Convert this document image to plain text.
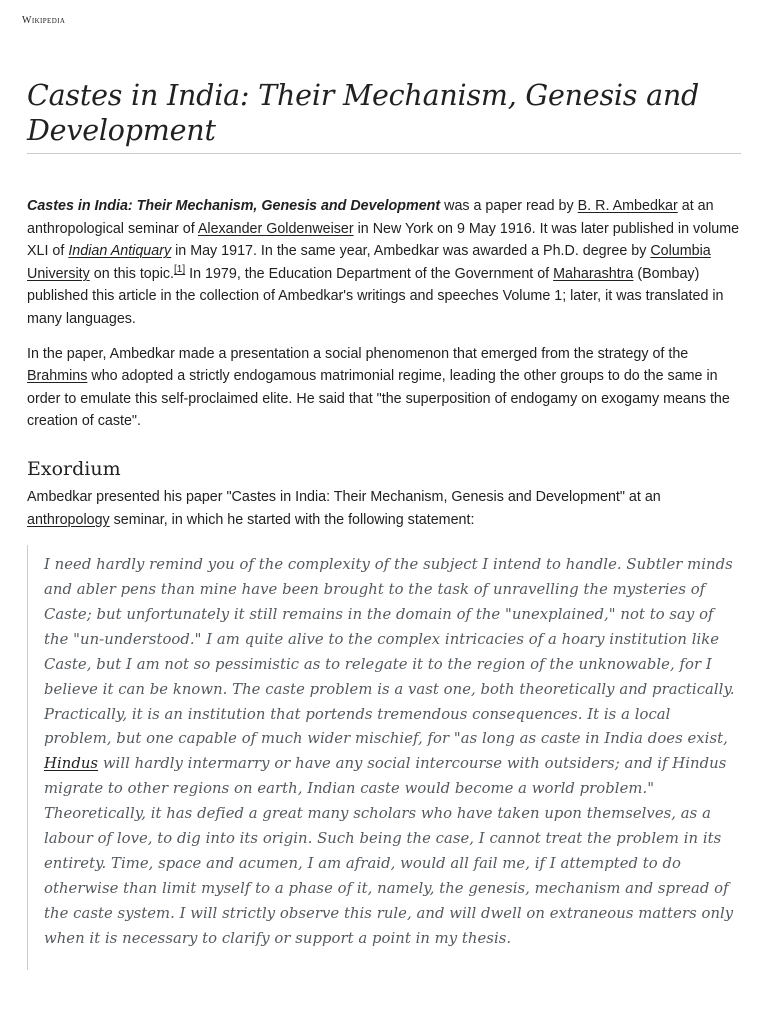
Wikipedia
Castes in India: Their Mechanism, Genesis and Development

Castes in India: Their Mechanism, Genesis and Development was a paper read by B. R. Ambedkar at an anthropological seminar of Alexander Goldenweiser in New York on 9 May 1916. It was later published in volume XLI of Indian Antiquary in May 1917. In the same year, Ambedkar was awarded a Ph.D. degree by Columbia University on this topic.[1] In 1979, the Education Department of the Government of Maharashtra (Bombay) published this article in the collection of Ambedkar's writings and speeches Volume 1; later, it was translated in many languages.

In the paper, Ambedkar made a presentation a social phenomenon that emerged from the strategy of the Brahmins who adopted a strictly endogamous matrimonial regime, leading the other groups to do the same in order to emulate this self-proclaimed elite. He said that "the superposition of endogamy on exogamy means the creation of caste".

Exordium

Ambedkar presented his paper "Castes in India: Their Mechanism, Genesis and Development" at an anthropology seminar, in which he started with the following statement:

I need hardly remind you of the complexity of the subject I intend to handle. Subtler minds and abler pens than mine have been brought to the task of unravelling the mysteries of Caste; but unfortunately it still remains in the domain of the "unexplained," not to say of the "un-understood." I am quite alive to the complex intricacies of a hoary institution like Caste, but I am not so pessimistic as to relegate it to the region of the unknowable, for I believe it can be known. The caste problem is a vast one, both theoretically and practically. Practically, it is an institution that portends tremendous consequences. It is a local problem, but one capable of much wider mischief, for "as long as caste in India does exist, Hindus will hardly intermarry or have any social intercourse with outsiders; and if Hindus migrate to other regions on earth, Indian caste would become a world problem." Theoretically, it has defied a great many scholars who have taken upon themselves, as a labour of love, to dig into its origin. Such being the case, I cannot treat the problem in its entirety. Time, space and acumen, I am afraid, would all fail me, if I attempted to do otherwise than limit myself to a phase of it, namely, the genesis, mechanism and spread of the caste system. I will strictly observe this rule, and will dwell on extraneous matters only when it is necessary to clarify or support a point in my thesis.
